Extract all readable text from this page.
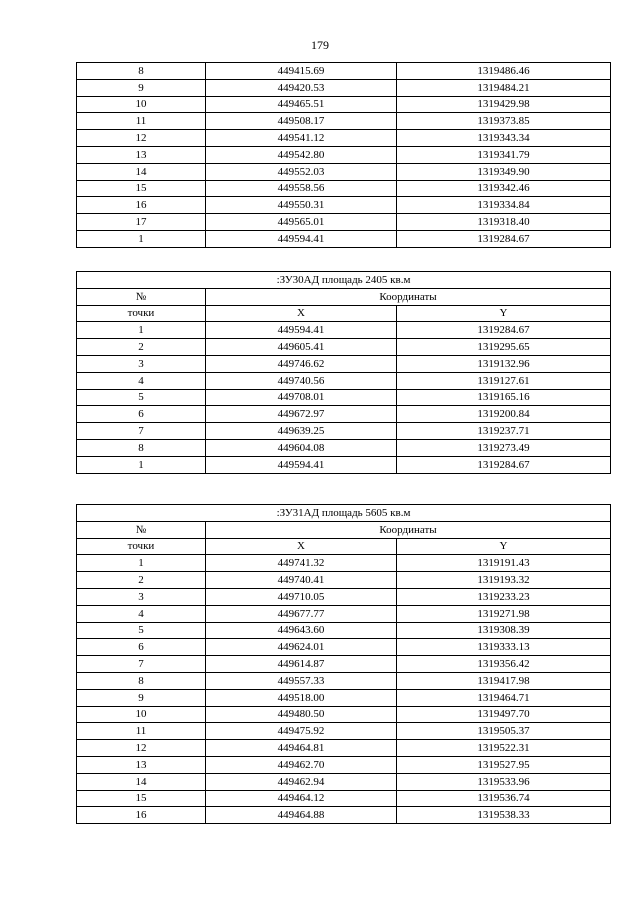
179
8	449415.69	1319486.46
9	449420.53	1319484.21
10	449465.51	1319429.98
11	449508.17	1319373.85
12	449541.12	1319343.34
13	449542.80	1319341.79
14	449552.03	1319349.90
15	449558.56	1319342.46
16	449550.31	1319334.84
17	449565.01	1319318.40
1	449594.41	1319284.67
:ЗУ30АД площадь 2405 кв.м		
№	Координаты	
точки	X	Y
1	449594.41	1319284.67
2	449605.41	1319295.65
3	449746.62	1319132.96
4	449740.56	1319127.61
5	449708.01	1319165.16
6	449672.97	1319200.84
7	449639.25	1319237.71
8	449604.08	1319273.49
1	449594.41	1319284.67
:ЗУ31АД площадь 5605 кв.м		
№	Координаты	
точки	X	Y
1	449741.32	1319191.43
2	449740.41	1319193.32
3	449710.05	1319233.23
4	449677.77	1319271.98
5	449643.60	1319308.39
6	449624.01	1319333.13
7	449614.87	1319356.42
8	449557.33	1319417.98
9	449518.00	1319464.71
10	449480.50	1319497.70
11	449475.92	1319505.37
12	449464.81	1319522.31
13	449462.70	1319527.95
14	449462.94	1319533.96
15	449464.12	1319536.74
16	449464.88	1319538.33
